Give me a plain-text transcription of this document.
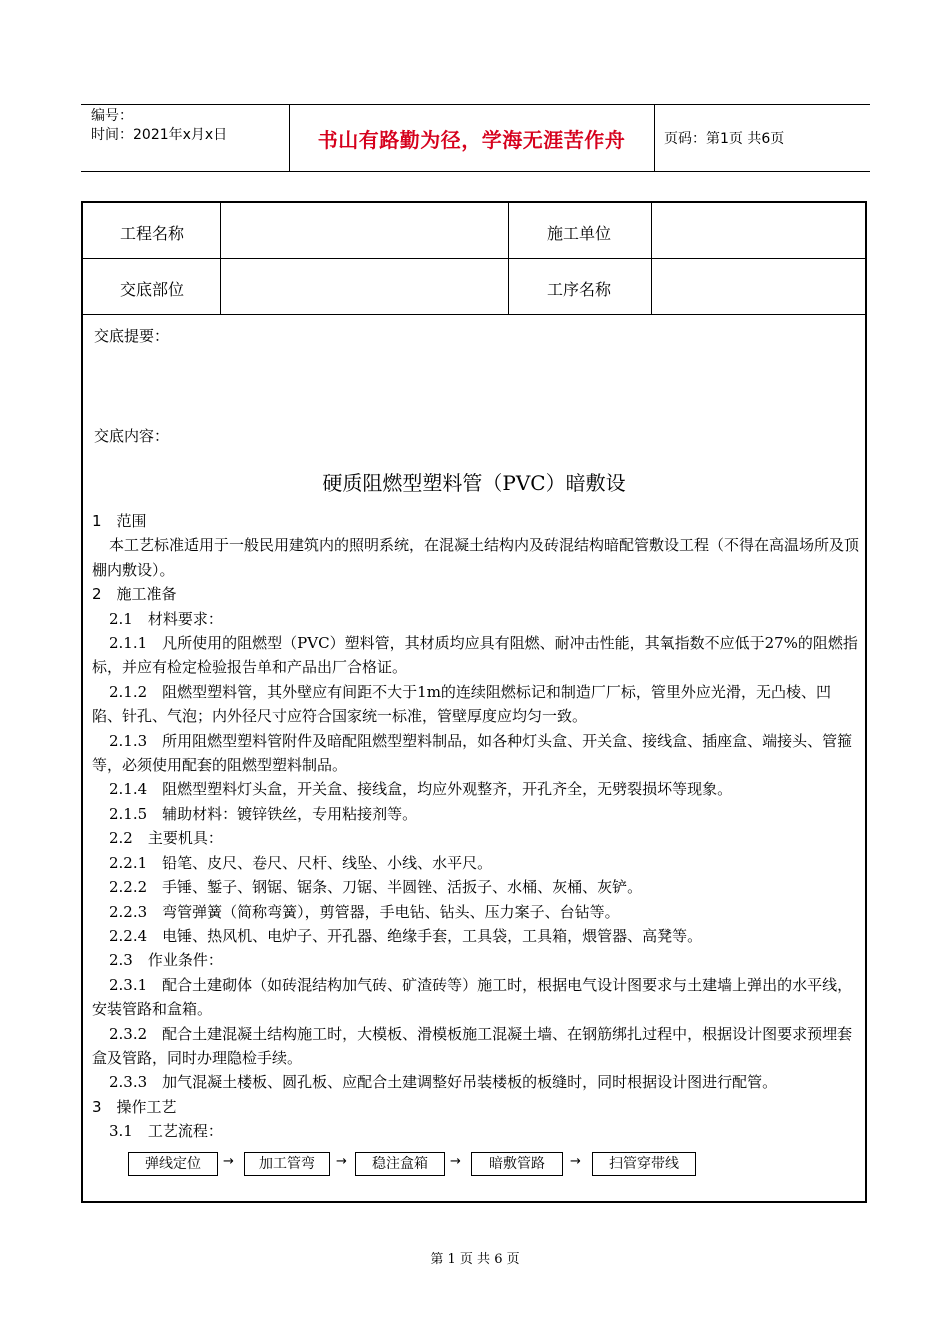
编号：
时间：2021年x月x日	书山有路勤为径，学海无涯苦作舟	页码：第1页 共6页
工程名称	施工单位
交底部位	工序名称
交底提要：
交底内容：
硬质阻燃型塑料管（PVC）暗敷设

1　范围

本工艺标准适用于一般民用建筑内的照明系统，在混凝土结构内及砖混结构暗配管敷设工程（不得在高温场所及顶棚内敷设）。

2　施工准备

2.1　材料要求：

2.1.1　凡所使用的阻燃型（PVC）塑料管，其材质均应具有阻燃、耐冲击性能，其氧指数不应低于27%的阻燃指标，并应有检定检验报告单和产品出厂合格证。

2.1.2　阻燃型塑料管，其外壁应有间距不大于1m的连续阻燃标记和制造厂厂标，管里外应光滑，无凸棱、凹陷、针孔、气泡；内外径尺寸应符合国家统一标准，管壁厚度应均匀一致。

2.1.3　所用阻燃型塑料管附件及暗配阻燃型塑料制品，如各种灯头盒、开关盒、接线盒、插座盒、端接头、管箍等，必须使用配套的阻燃型塑料制品。

2.1.4　阻燃型塑料灯头盒，开关盒、接线盒，均应外观整齐，开孔齐全，无劈裂损坏等现象。

2.1.5　辅助材料：镀锌铁丝，专用粘接剂等。

2.2　主要机具：

2.2.1　铅笔、皮尺、卷尺、尺杆、线坠、小线、水平尺。

2.2.2　手锤、錾子、钢锯、锯条、刀锯、半圆锉、活扳子、水桶、灰桶、灰铲。

2.2.3　弯管弹簧（简称弯簧），剪管器，手电钻、钻头、压力案子、台钻等。

2.2.4　电锤、热风机、电炉子、开孔器、绝缘手套，工具袋，工具箱，煨管器、高凳等。

2.3　作业条件：

2.3.1　配合土建砌体（如砖混结构加气砖、矿渣砖等）施工时，根据电气设计图要求与土建墙上弹出的水平线，安装管路和盒箱。

2.3.2　配合土建混凝土结构施工时，大模板、滑模板施工混凝土墙、在钢筋绑扎过程中，根据设计图要求预埋套盒及管路，同时办理隐检手续。

2.3.3　加气混凝土楼板、圆孔板、应配合土建调整好吊装楼板的板缝时，同时根据设计图进行配管。

3　操作工艺

3.1　工艺流程：

弹线定位	→	加工管弯	→	稳注盒箱	→	暗敷管路	→	扫管穿带线
第 1 页 共 6 页
